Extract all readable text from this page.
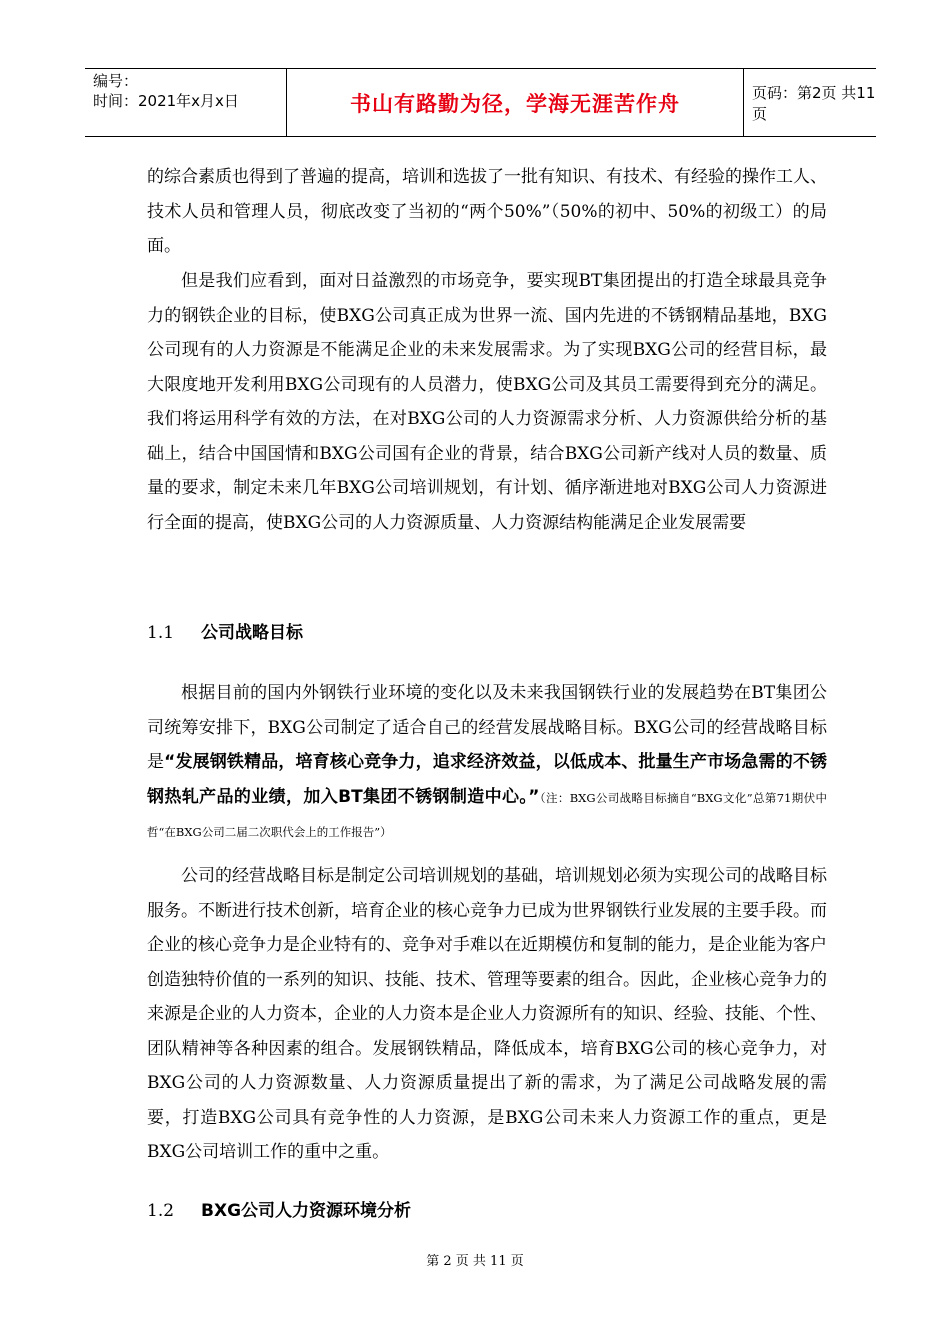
编号：
时间：2021年x月x日	书山有路勤为径，学海无涯苦作舟	页码：第2页 共11页

的综合素质也得到了普遍的提高，培训和选拔了一批有知识、有技术、有经验的操作工人、技术人员和管理人员，彻底改变了当初的“两个50%”（50%的初中、50%的初级工）的局面。

但是我们应看到，面对日益激烈的市场竞争，要实现BT集团提出的打造全球最具竞争力的钢铁企业的目标，使BXG公司真正成为世界一流、国内先进的不锈钢精品基地，BXG公司现有的人力资源是不能满足企业的未来发展需求。为了实现BXG公司的经营目标，最大限度地开发利用BXG公司现有的人员潜力，使BXG公司及其员工需要得到充分的满足。我们将运用科学有效的方法，在对BXG公司的人力资源需求分析、人力资源供给分析的基础上，结合中国国情和BXG公司国有企业的背景，结合BXG公司新产线对人员的数量、质量的要求，制定未来几年BXG公司培训规划，有计划、循序渐进地对BXG公司人力资源进行全面的提高，使BXG公司的人力资源质量、人力资源结构能满足企业发展需要

1.1 公司战略目标

根据目前的国内外钢铁行业环境的变化以及未来我国钢铁行业的发展趋势在BT集团公司统筹安排下，BXG公司制定了适合自己的经营发展战略目标。BXG公司的经营战略目标是“发展钢铁精品，培育核心竞争力，追求经济效益，以低成本、批量生产市场急需的不锈钢热轧产品的业绩，加入BT集团不锈钢制造中心。”（注：BXG公司战略目标摘自“BXG文化”总第71期伏中哲“在BXG公司二届二次职代会上的工作报告”）

公司的经营战略目标是制定公司培训规划的基础，培训规划必须为实现公司的战略目标服务。不断进行技术创新，培育企业的核心竞争力已成为世界钢铁行业发展的主要手段。而企业的核心竞争力是企业特有的、竞争对手难以在近期模仿和复制的能力，是企业能为客户创造独特价值的一系列的知识、技能、技术、管理等要素的组合。因此，企业核心竞争力的来源是企业的人力资本，企业的人力资本是企业人力资源所有的知识、经验、技能、个性、团队精神等各种因素的组合。发展钢铁精品，降低成本，培育BXG公司的核心竞争力，对BXG公司的人力资源数量、人力资源质量提出了新的需求，为了满足公司战略发展的需要，打造BXG公司具有竞争性的人力资源，是BXG公司未来人力资源工作的重点，更是BXG公司培训工作的重中之重。

1.2 BXG公司人力资源环境分析
第 2 页 共 11 页
